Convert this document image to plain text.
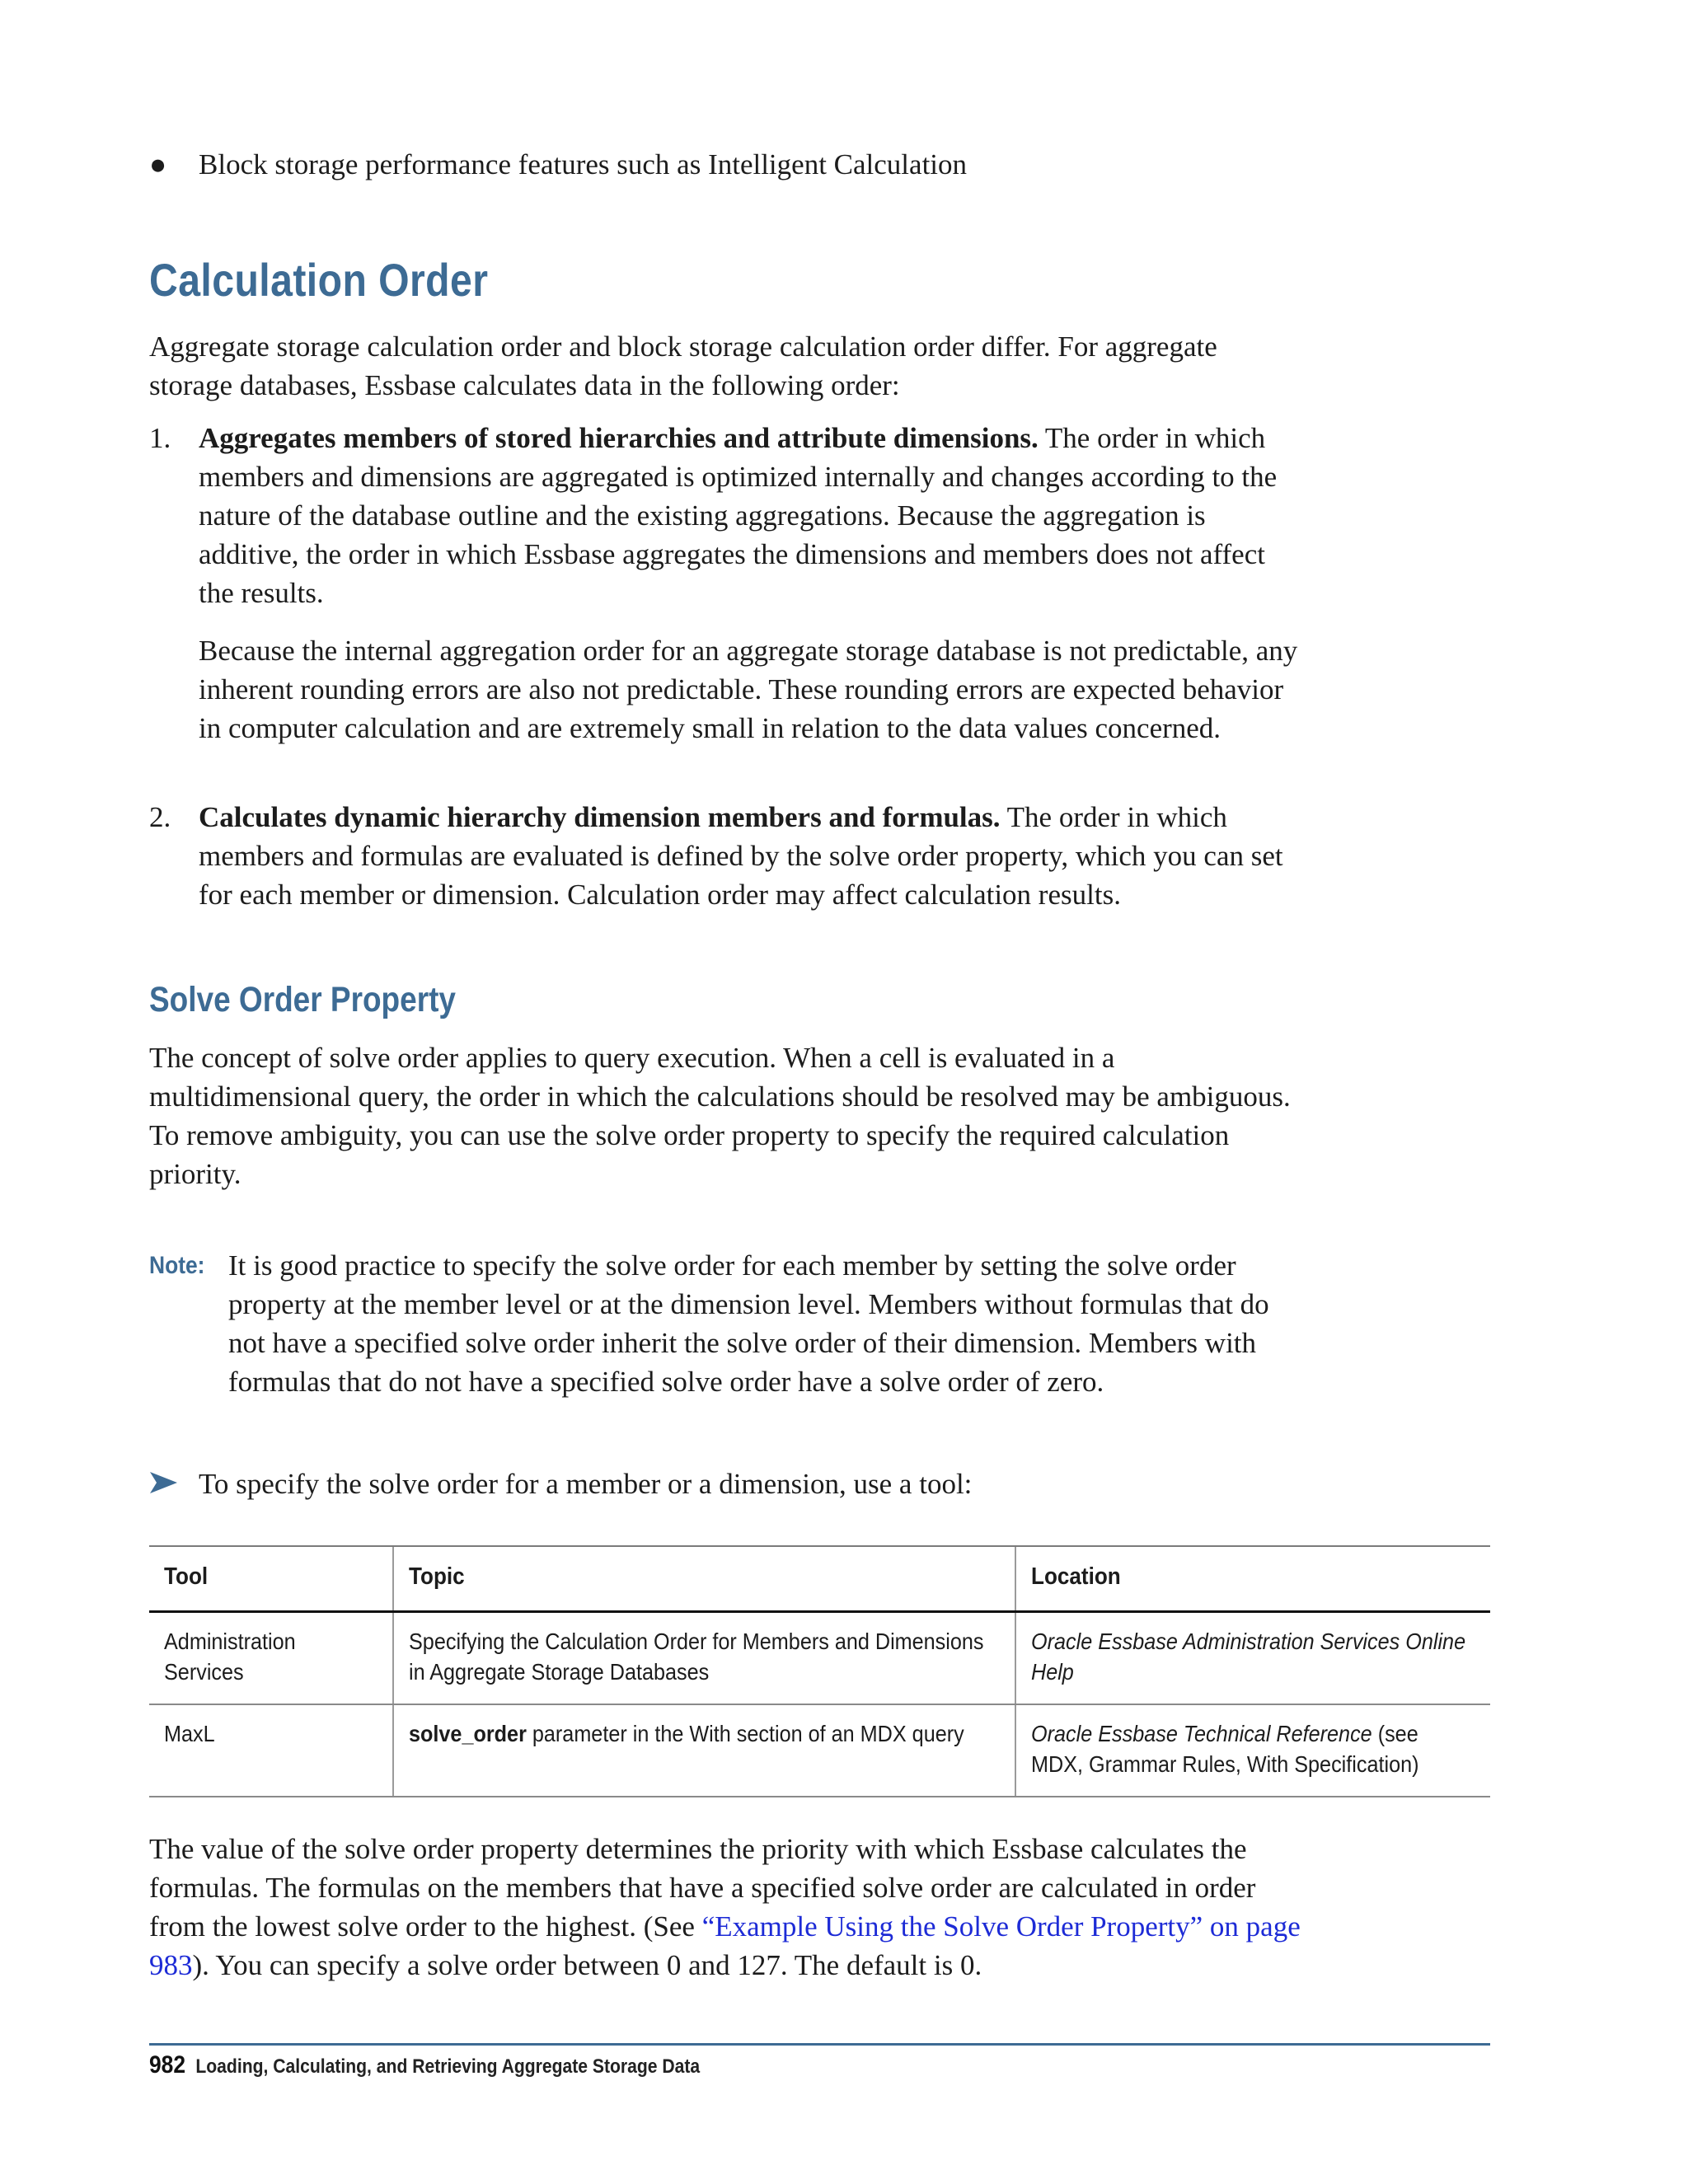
● Block storage performance features such as Intelligent Calculation
Calculation Order

Aggregate storage calculation order and block storage calculation order differ. For aggregate storage databases, Essbase calculates data in the following order:

1. Aggregates members of stored hierarchies and attribute dimensions. The order in which members and dimensions are aggregated is optimized internally and changes according to the nature of the database outline and the existing aggregations. Because the aggregation is additive, the order in which Essbase aggregates the dimensions and members does not affect the results.

Because the internal aggregation order for an aggregate storage database is not predictable, any inherent rounding errors are also not predictable. These rounding errors are expected behavior in computer calculation and are extremely small in relation to the data values concerned.

2. Calculates dynamic hierarchy dimension members and formulas. The order in which members and formulas are evaluated is defined by the solve order property, which you can set for each member or dimension. Calculation order may affect calculation results.

Solve Order Property

The concept of solve order applies to query execution. When a cell is evaluated in a multidimensional query, the order in which the calculations should be resolved may be ambiguous. To remove ambiguity, you can use the solve order property to specify the required calculation priority.

Note: It is good practice to specify the solve order for each member by setting the solve order property at the member level or at the dimension level. Members without formulas that do not have a specified solve order inherit the solve order of their dimension. Members with formulas that do not have a specified solve order have a solve order of zero.

To specify the solve order for a member or a dimension, use a tool:
Tool	Topic	Location
Administration Services	Specifying the Calculation Order for Members and Dimensions in Aggregate Storage Databases	Oracle Essbase Administration Services Online Help
MaxL	solve_order parameter in the With section of an MDX query	Oracle Essbase Technical Reference (see MDX, Grammar Rules, With Specification)

The value of the solve order property determines the priority with which Essbase calculates the formulas. The formulas on the members that have a specified solve order are calculated in order from the lowest solve order to the highest. (See “Example Using the Solve Order Property” on page 983). You can specify a solve order between 0 and 127. The default is 0.

982 Loading, Calculating, and Retrieving Aggregate Storage Data
